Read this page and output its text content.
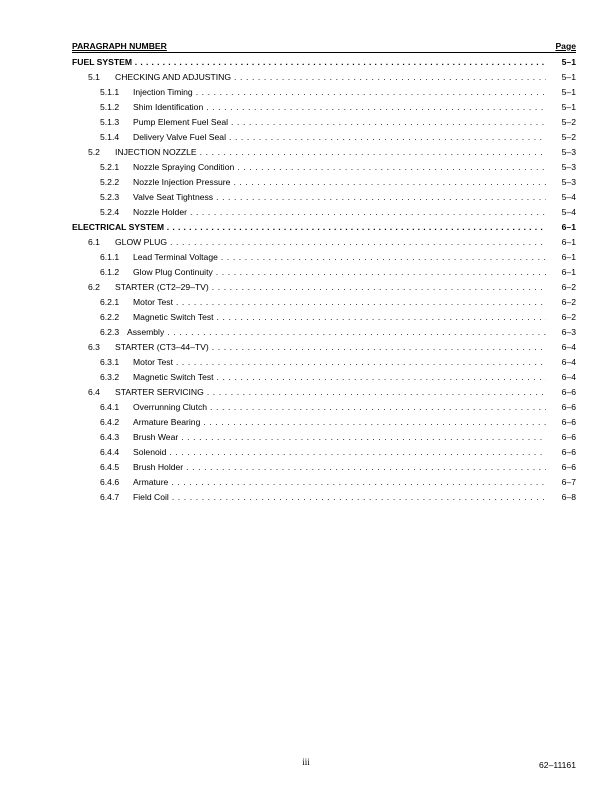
PARAGRAPH NUMBER	Page
FUEL SYSTEM . . .	5–1
5.1 CHECKING AND ADJUSTING . . .	5–1
5.1.1 Injection Timing . . .	5–1
5.1.2 Shim Identification . . .	5–1
5.1.3 Pump Element Fuel Seal . . .	5–2
5.1.4 Delivery Valve Fuel Seal . . .	5–2
5.2 INJECTION NOZZLE . . .	5–3
5.2.1 Nozzle Spraying Condition . . .	5–3
5.2.2 Nozzle Injection Pressure . . .	5–3
5.2.3 Valve Seat Tightness . . .	5–4
5.2.4 Nozzle Holder . . .	5–4
ELECTRICAL SYSTEM . . .	6–1
6.1 GLOW PLUG . . .	6–1
6.1.1 Lead Terminal Voltage . . .	6–1
6.1.2 Glow Plug Continuity . . .	6–1
6.2 STARTER (CT2–29–TV) . . .	6–2
6.2.1 Motor Test . . .	6–2
6.2.2 Magnetic Switch Test . . .	6–2
6.2.3 Assembly . . .	6–3
6.3 STARTER (CT3–44–TV) . . .	6–4
6.3.1 Motor Test . . .	6–4
6.3.2 Magnetic Switch Test . . .	6–4
6.4 STARTER SERVICING . . .	6–6
6.4.1 Overrunning Clutch . . .	6–6
6.4.2 Armature Bearing . . .	6–6
6.4.3 Brush Wear . . .	6–6
6.4.4 Solenoid . . .	6–6
6.4.5 Brush Holder . . .	6–6
6.4.6 Armature . . .	6–7
6.4.7 Field Coil . . .	6–8
iii	62–11161
